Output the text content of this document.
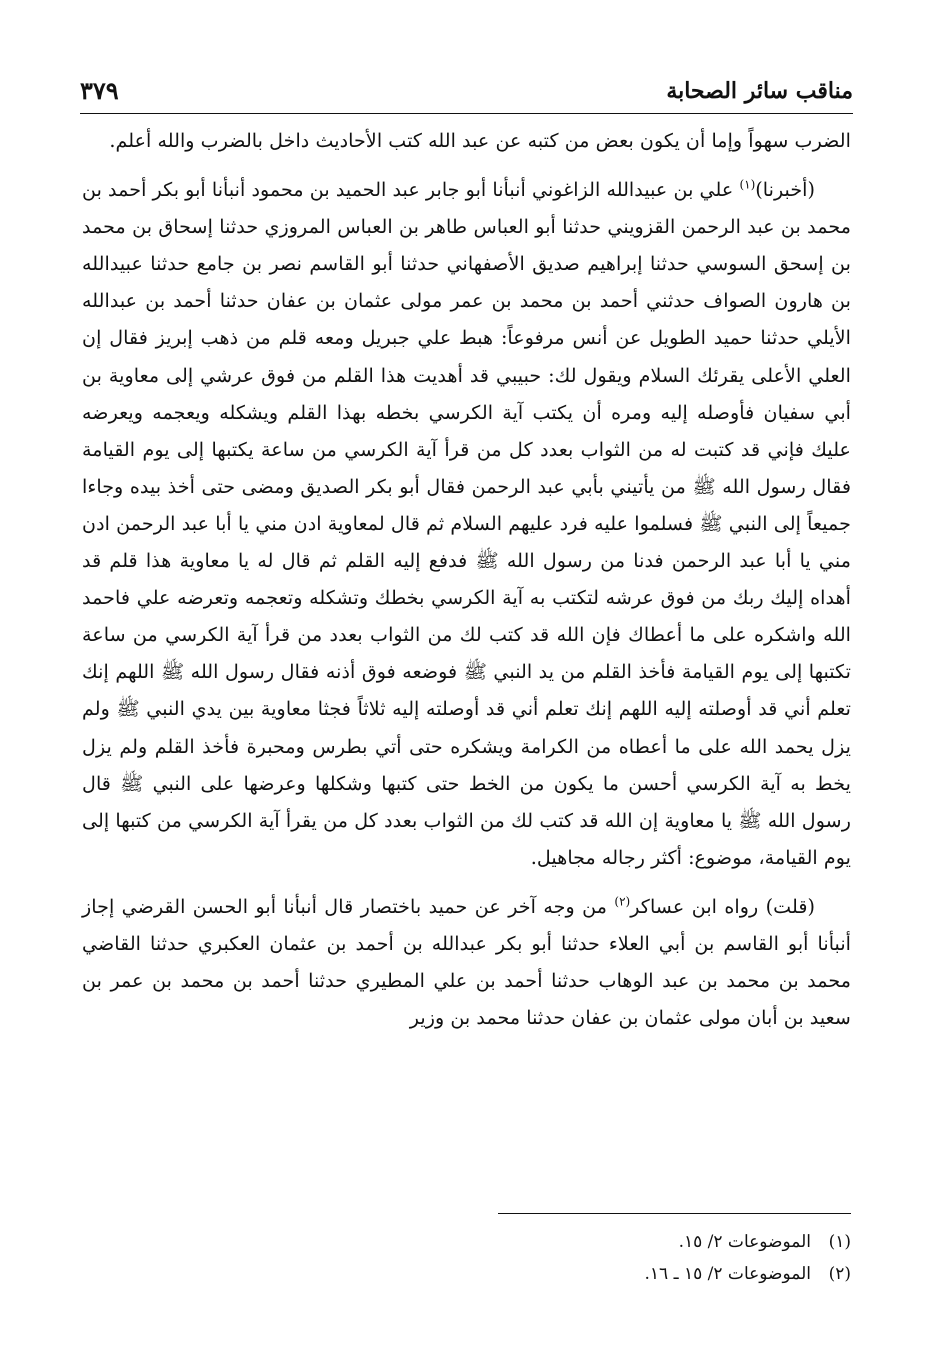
مناقب سائر الصحابة
٣٧٩

الضرب سهواً وإما أن يكون بعض من كتبه عن عبد الله كتب الأحاديث داخل بالضرب والله أعلم.

(أخبرنا)$^{(١)}$ علي بن عبيدالله الزاغوني أنبأنا أبو جابر عبد الحميد بن محمود أنبأنا أبو بكر أحمد بن محمد بن عبد الرحمن القزويني حدثنا أبو العباس طاهر بن العباس المروزي حدثنا إسحاق بن محمد بن إسحق السوسي حدثنا إبراهيم صديق الأصفهاني حدثنا أبو القاسم نصر بن جامع حدثنا عبيدالله بن هارون الصواف حدثني أحمد بن محمد بن عمر مولى عثمان بن عفان حدثنا أحمد بن عبدالله الأيلي حدثنا حميد الطويل عن أنس مرفوعاً: هبط علي جبريل ومعه قلم من ذهب إبريز فقال إن العلي الأعلى يقرئك السلام ويقول لك: حبيبي قد أهديت هذا القلم من فوق عرشي إلى معاوية بن أبي سفيان فأوصله إليه ومره أن يكتب آية الكرسي بخطه بهذا القلم ويشكله ويعجمه ويعرضه عليك فإني قد كتبت له من الثواب بعدد كل من قرأ آية الكرسي من ساعة يكتبها إلى يوم القيامة فقال رسول الله ﷺ من يأتيني بأبي عبد الرحمن فقال أبو بكر الصديق ومضى حتى أخذ بيده وجاءا جميعاً إلى النبي ﷺ فسلموا عليه فرد عليهم السلام ثم قال لمعاوية ادن مني يا أبا عبد الرحمن ادن مني يا أبا عبد الرحمن فدنا من رسول الله ﷺ فدفع إليه القلم ثم قال له يا معاوية هذا قلم قد أهداه إليك ربك من فوق عرشه لتكتب به آية الكرسي بخطك وتشكله وتعجمه وتعرضه علي فاحمد الله واشكره على ما أعطاك فإن الله قد كتب لك من الثواب بعدد من قرأ آية الكرسي من ساعة تكتبها إلى يوم القيامة فأخذ القلم من يد النبي ﷺ فوضعه فوق أذنه فقال رسول الله ﷺ اللهم إنك تعلم أني قد أوصلته إليه اللهم إنك تعلم أني قد أوصلته إليه ثلاثاً فجثا معاوية بين يدي النبي ﷺ ولم يزل يحمد الله على ما أعطاه من الكرامة ويشكره حتى أتي بطرس ومحبرة فأخذ القلم ولم يزل يخط به آية الكرسي أحسن ما يكون من الخط حتى كتبها وشكلها وعرضها على النبي ﷺ قال رسول الله ﷺ يا معاوية إن الله قد كتب لك من الثواب بعدد كل من يقرأ آية الكرسي من كتبها إلى يوم القيامة، موضوع: أكثر رجاله مجاهيل.

(قلت) رواه ابن عساكر$^{(٢)}$ من وجه آخر عن حميد باختصار قال أنبأنا أبو الحسن القرضي إجاز أنبأنا أبو القاسم بن أبي العلاء حدثنا أبو بكر عبدالله بن أحمد بن عثمان العكبري حدثنا القاضي محمد بن محمد بن عبد الوهاب حدثنا أحمد بن علي المطيري حدثنا أحمد بن محمد بن عمر بن سعيد بن أبان مولى عثمان بن عفان حدثنا محمد بن وزير

(١)الموضوعات ٢/ ١٥.
(٢)الموضوعات ٢/ ١٥ ـ ١٦.
